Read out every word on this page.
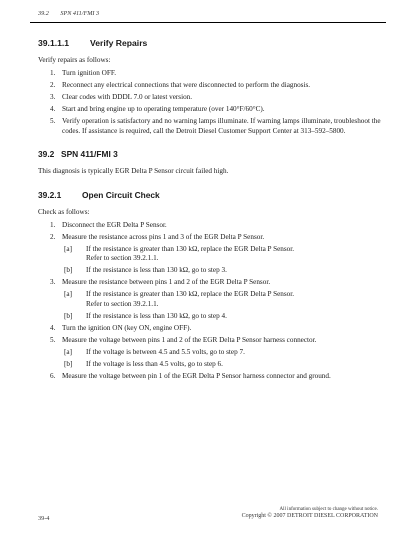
39.2 SPN 411/FMI 3
39.1.1.1 Verify Repairs

Verify repairs as follows:

1. Turn ignition OFF.
2. Reconnect any electrical connections that were disconnected to perform the diagnosis.
3. Clear codes with DDDL 7.0 or latest version.
4. Start and bring engine up to operating temperature (over 140°F/60°C).
5. Verify operation is satisfactory and no warning lamps illuminate. If warning lamps illuminate, troubleshoot the codes. If assistance is required, call the Detroit Diesel Customer Support Center at 313–592–5800.
39.2 SPN 411/FMI 3

This diagnosis is typically EGR Delta P Sensor circuit failed high.

39.2.1 Open Circuit Check

Check as follows:

1. Disconnect the EGR Delta P Sensor.
2. Measure the resistance across pins 1 and 3 of the EGR Delta P Sensor.
[a] If the resistance is greater than 130 kΩ, replace the EGR Delta P Sensor.
Refer to section 39.2.1.1.
[b] If the resistance is less than 130 kΩ, go to step 3.
3. Measure the resistance between pins 1 and 2 of the EGR Delta P Sensor.
[a] If the resistance is greater than 130 kΩ, replace the EGR Delta P Sensor.
Refer to section 39.2.1.1.
[b] If the resistance is less than 130 kΩ, go to step 4.
4. Turn the ignition ON (key ON, engine OFF).
5. Measure the voltage between pins 1 and 2 of the EGR Delta P Sensor harness connector.
[a] If the voltage is between 4.5 and 5.5 volts, go to step 7.
[b] If the voltage is less than 4.5 volts, go to step 6.
6. Measure the voltage between pin 1 of the EGR Delta P Sensor harness connector and ground.
39-4
All information subject to change without notice.
Copyright © 2007 DETROIT DIESEL CORPORATION
